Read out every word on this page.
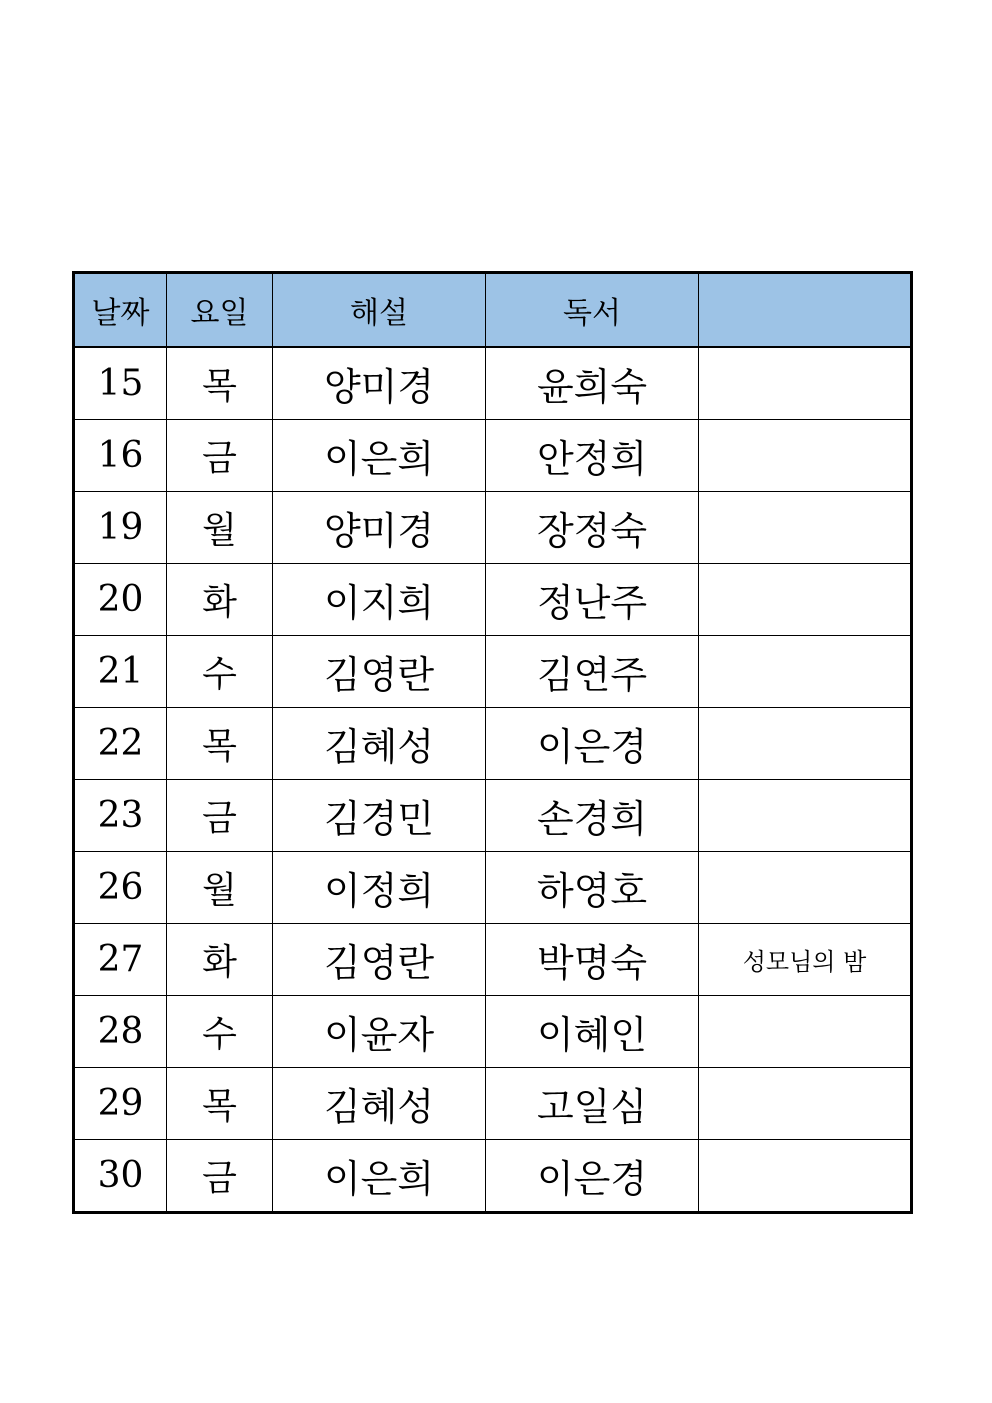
날짜	요일	해설	독서	
15	목	양미경	윤희숙	
16	금	이은희	안정희	
19	월	양미경	장정숙	
20	화	이지희	정난주	
21	수	김영란	김연주	
22	목	김혜성	이은경	
23	금	김경민	손경희	
26	월	이정희	하영호	
27	화	김영란	박명숙	성모님의 밤
28	수	이윤자	이혜인	
29	목	김혜성	고일심	
30	금	이은희	이은경	
